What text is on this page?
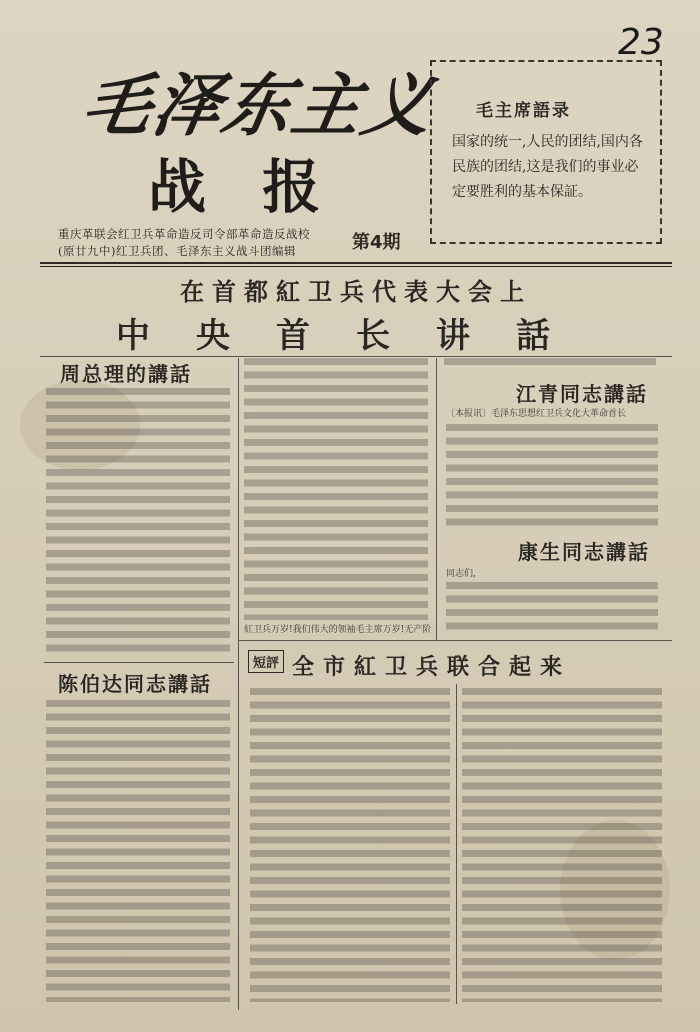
23
毛泽东主义
战 报
重庆革联会红卫兵革命造反司令部革命造反战校
(原廿九中)红卫兵团、毛泽东主义战斗团编辑	第4期
毛主席語录
国家的统一,人民的团结,国内各民族的团结,这是我们的事业必定要胜利的基本保証。
在首都紅卫兵代表大会上
中央首长讲話
周总理的講話
陈伯达同志講話
紅卫兵万岁!我们伟大的领袖毛主席万岁!无产阶
江青同志講話
〔本报讯〕毛泽东思想红卫兵文化大革命首长
康生同志講話
同志们,
短評 全市紅卫兵联合起来
